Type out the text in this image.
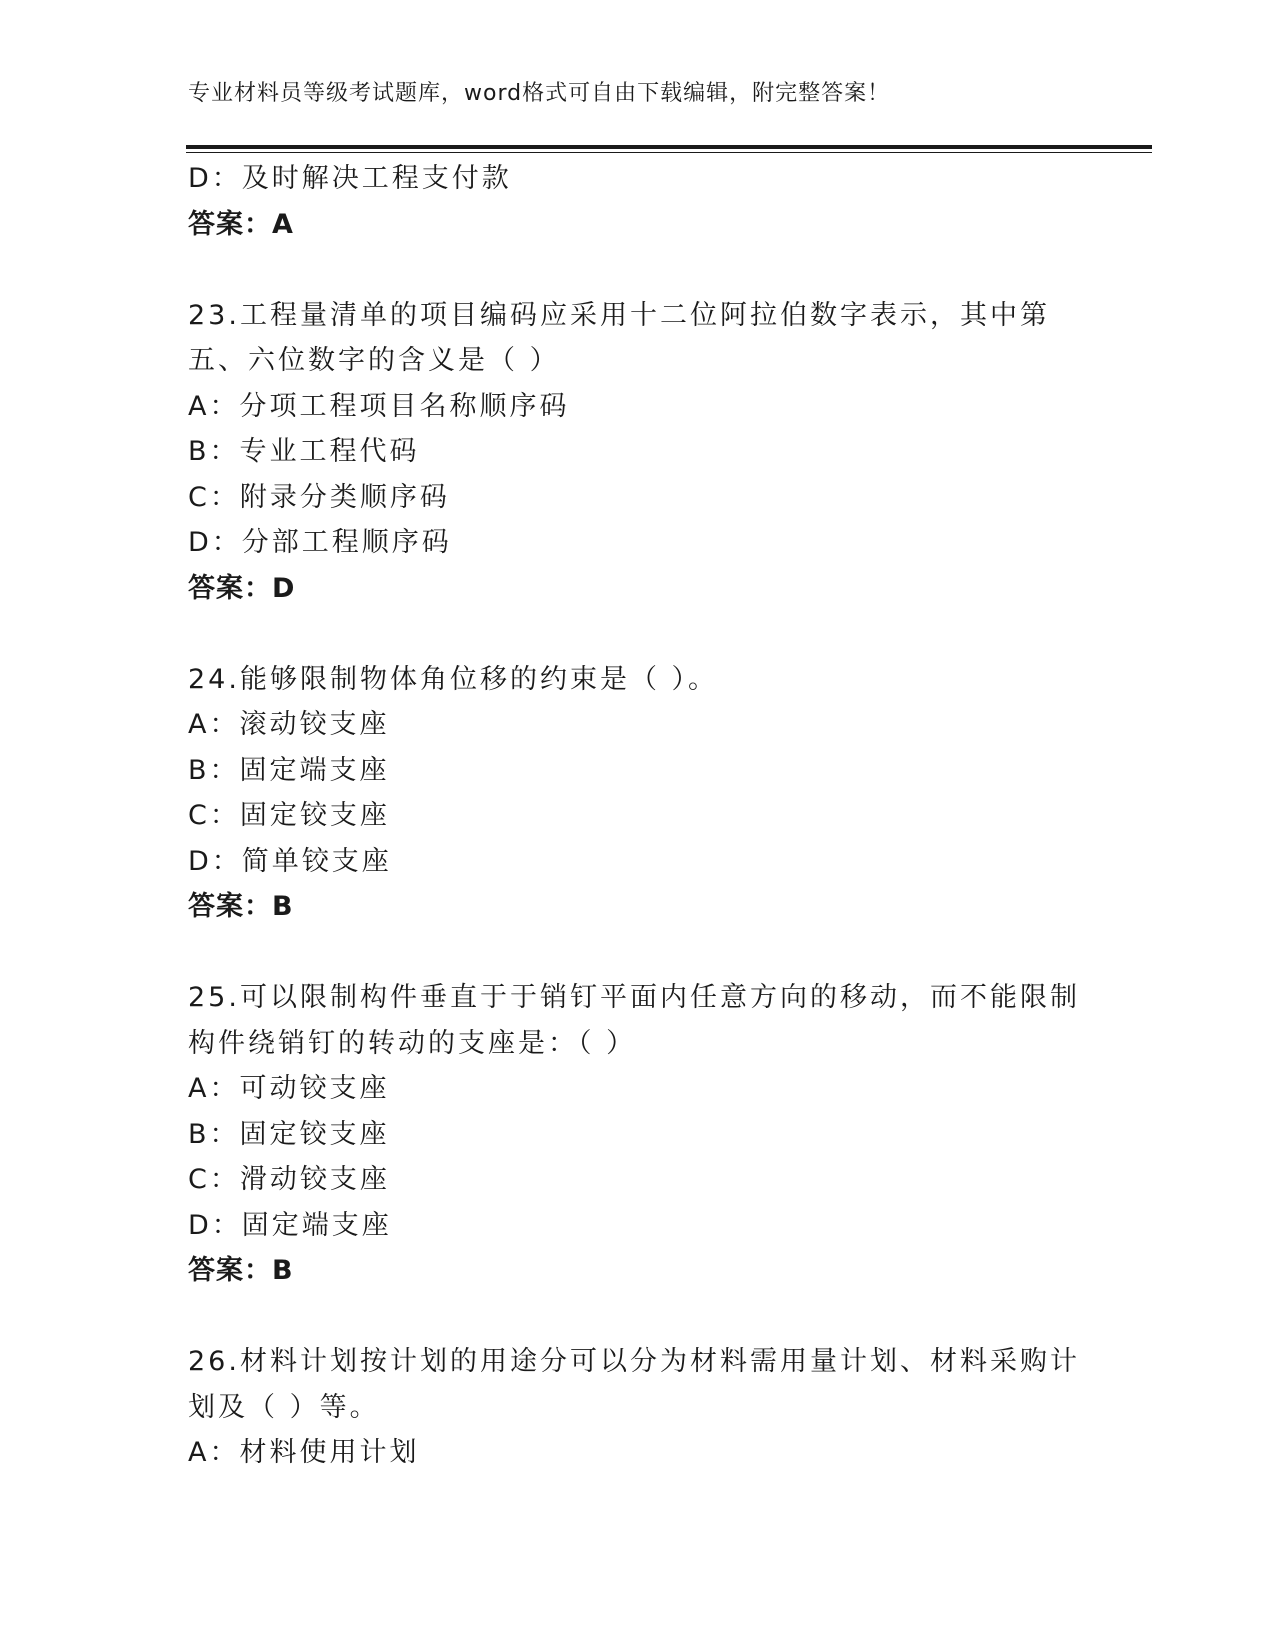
专业材料员等级考试题库，word格式可自由下载编辑，附完整答案！
D：及时解决工程支付款
答案：A
23.工程量清单的项目编码应采用十二位阿拉伯数字表示，其中第五、六位数字的含义是（ ）
A：分项工程项目名称顺序码
B：专业工程代码
C：附录分类顺序码
D：分部工程顺序码
答案：D
24.能够限制物体角位移的约束是（ ）。
A：滚动铰支座
B：固定端支座
C：固定铰支座
D：简单铰支座
答案：B
25.可以限制构件垂直于于销钉平面内任意方向的移动，而不能限制构件绕销钉的转动的支座是：（ ）
A：可动铰支座
B：固定铰支座
C：滑动铰支座
D：固定端支座
答案：B
26.材料计划按计划的用途分可以分为材料需用量计划、材料采购计划及（ ）等。
A：材料使用计划
